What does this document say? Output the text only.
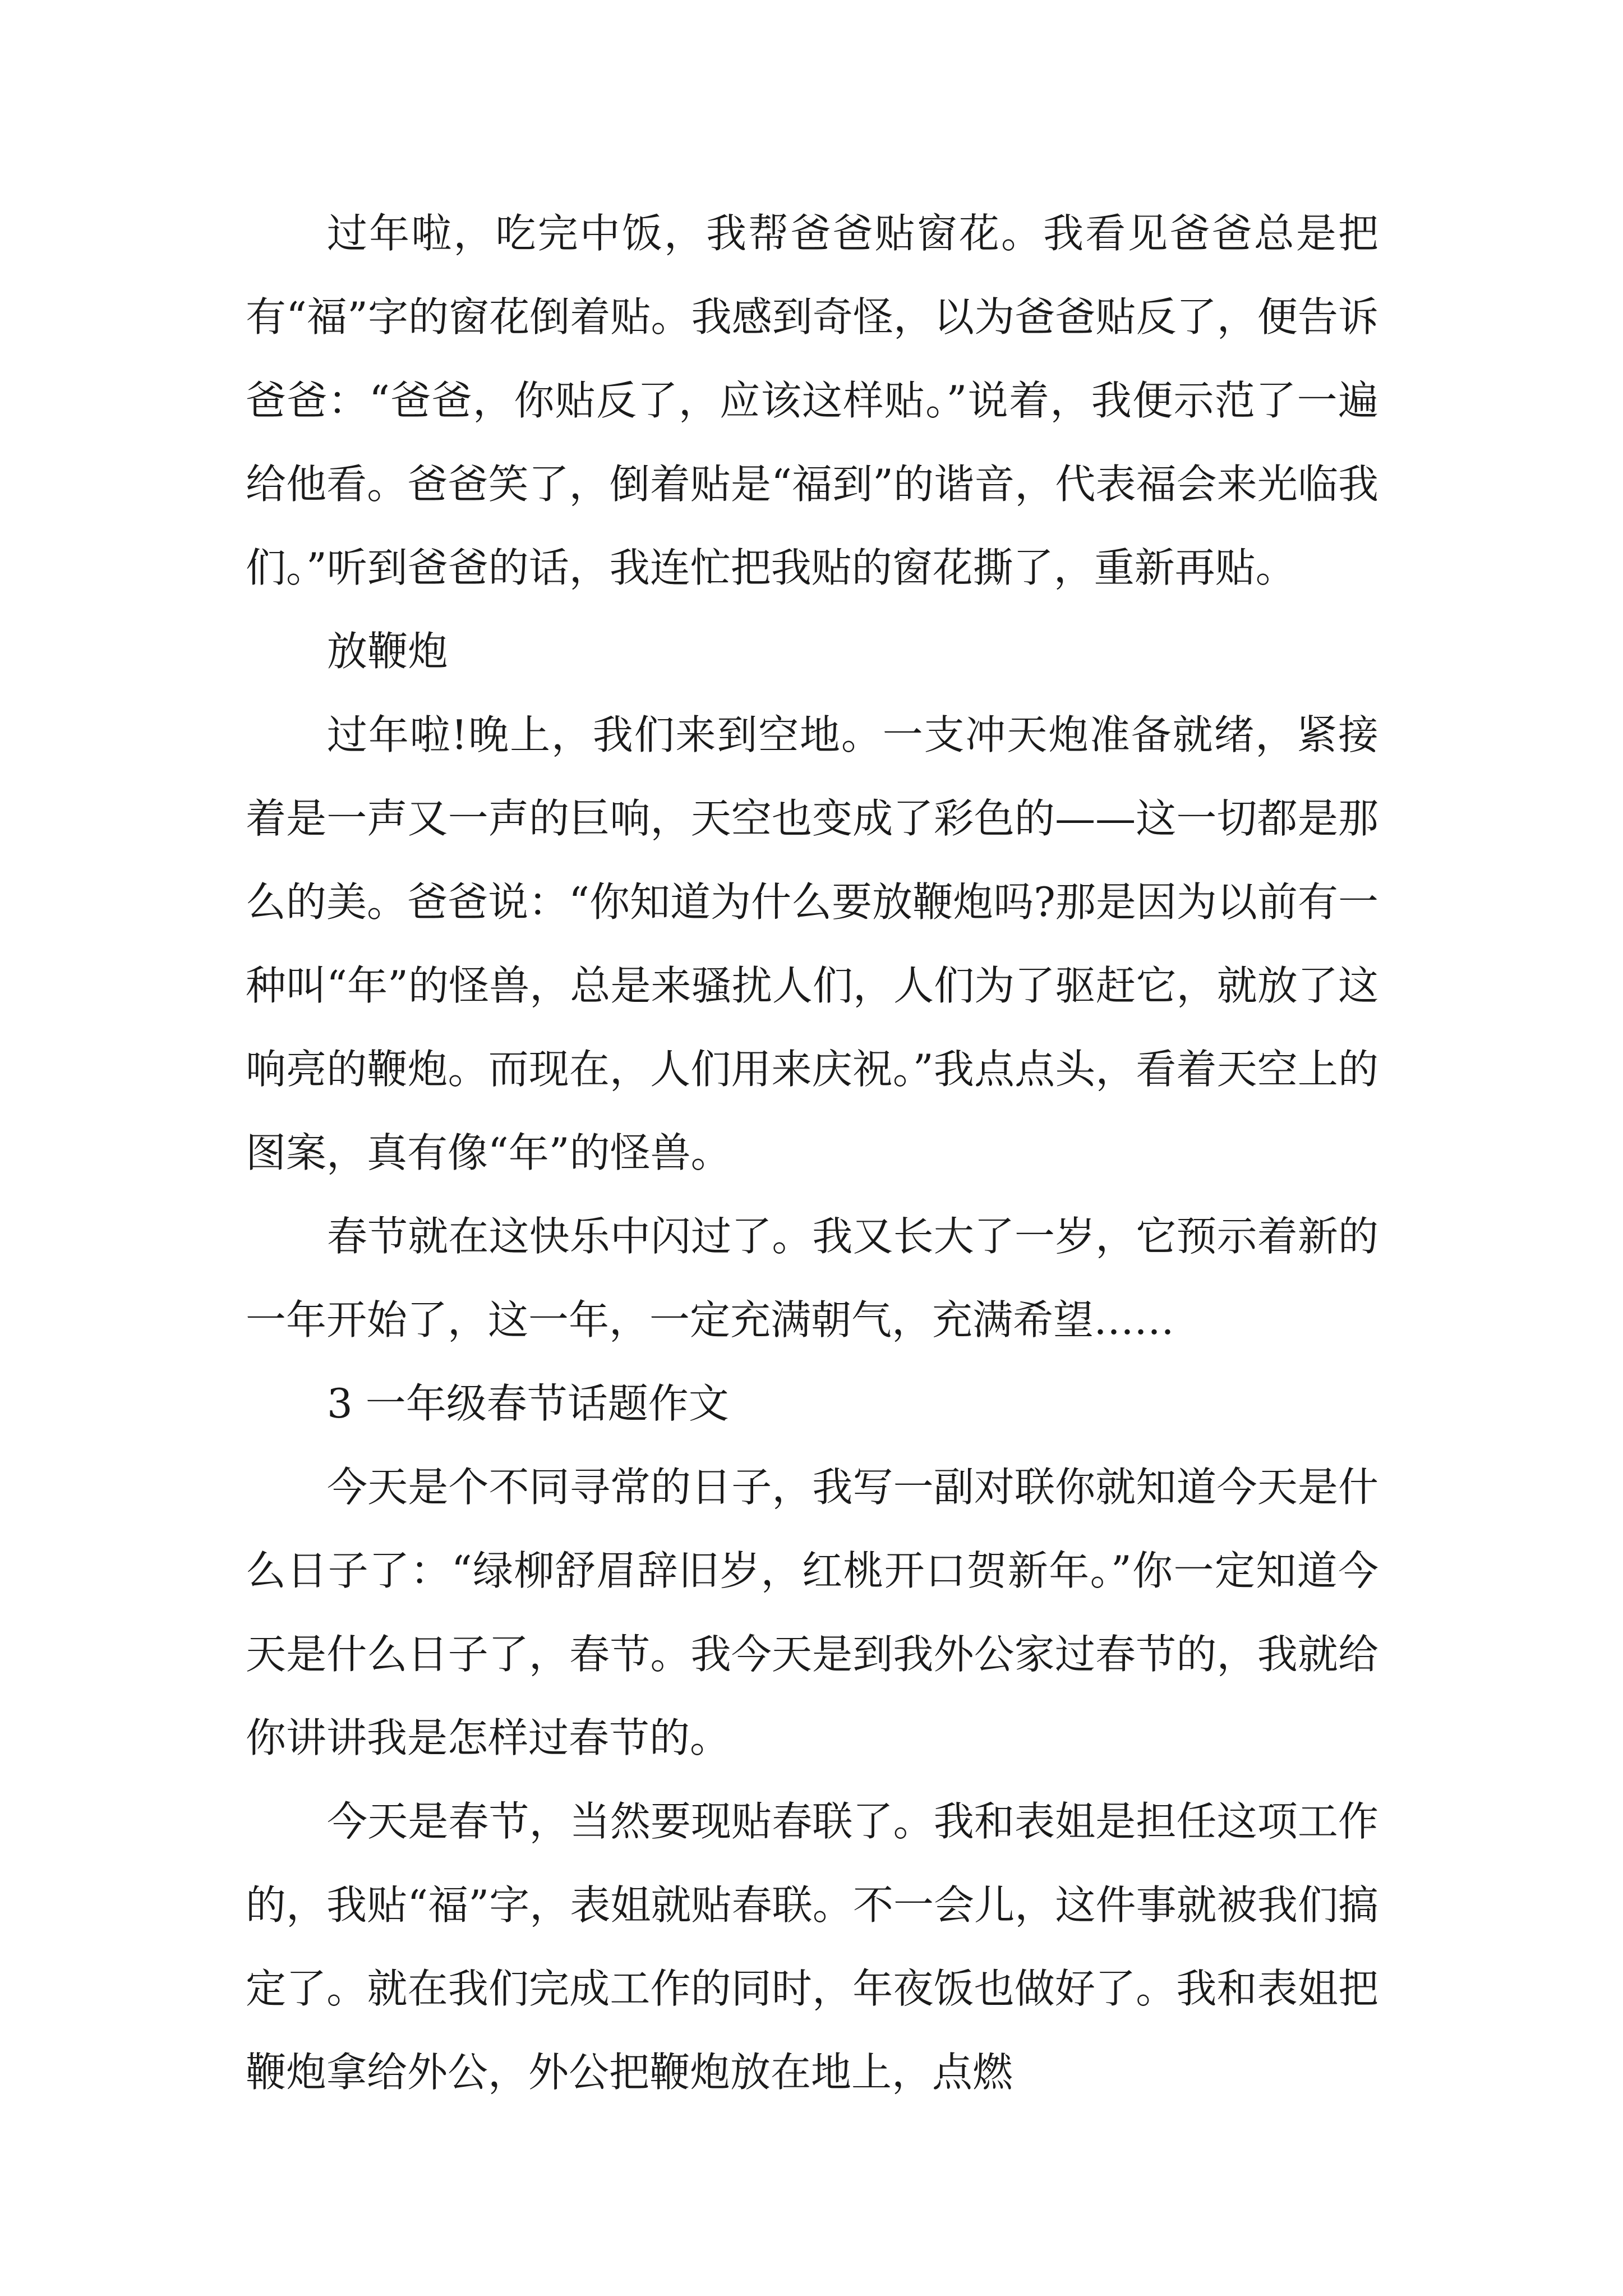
过年啦，吃完中饭，我帮爸爸贴窗花。我看见爸爸总是把有“福”字的窗花倒着贴。我感到奇怪，以为爸爸贴反了，便告诉爸爸：“爸爸，你贴反了，应该这样贴。”说着，我便示范了一遍给他看。爸爸笑了，倒着贴是“福到”的谐音，代表福会来光临我们。”听到爸爸的话，我连忙把我贴的窗花撕了，重新再贴。

放鞭炮

过年啦!晚上，我们来到空地。一支冲天炮准备就绪，紧接着是一声又一声的巨响，天空也变成了彩色的——这一切都是那么的美。爸爸说：“你知道为什么要放鞭炮吗?那是因为以前有一种叫“年”的怪兽，总是来骚扰人们，人们为了驱赶它，就放了这响亮的鞭炮。而现在，人们用来庆祝。”我点点头，看着天空上的图案，真有像“年”的怪兽。

春节就在这快乐中闪过了。我又长大了一岁，它预示着新的一年开始了，这一年，一定充满朝气，充满希望……

3 一年级春节话题作文

今天是个不同寻常的日子，我写一副对联你就知道今天是什么日子了：“绿柳舒眉辞旧岁，红桃开口贺新年。”你一定知道今天是什么日子了，春节。我今天是到我外公家过春节的，我就给你讲讲我是怎样过春节的。

今天是春节，当然要现贴春联了。我和表姐是担任这项工作的，我贴“福”字，表姐就贴春联。不一会儿，这件事就被我们搞定了。就在我们完成工作的同时，年夜饭也做好了。我和表姐把鞭炮拿给外公，外公把鞭炮放在地上，点燃
